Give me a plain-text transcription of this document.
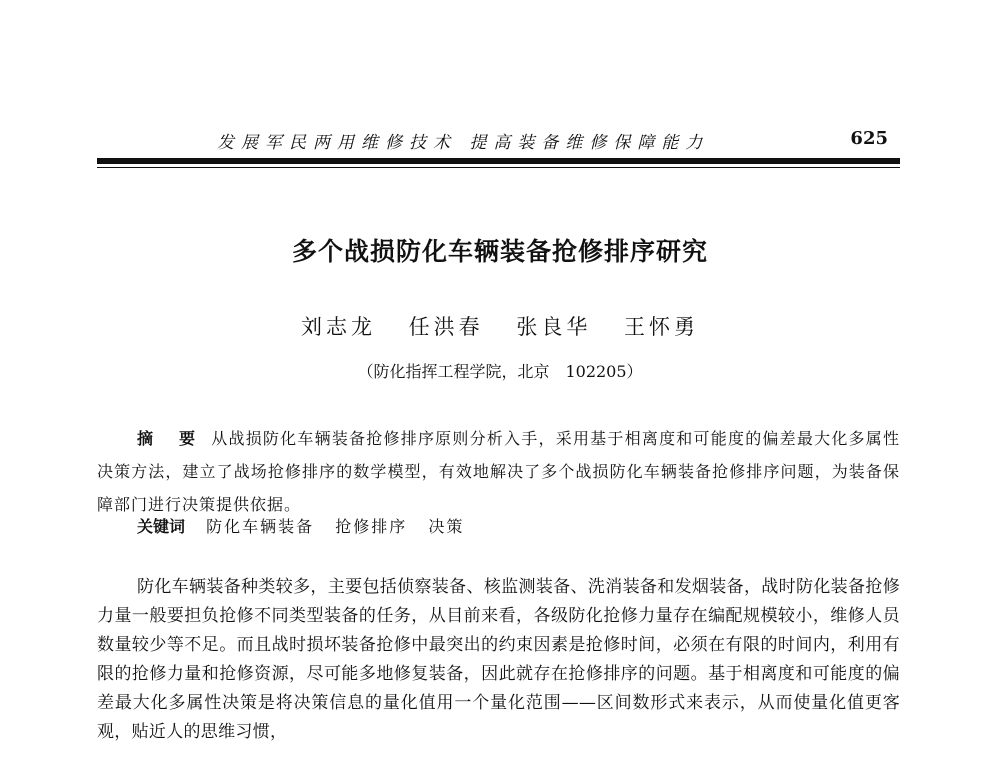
发展军民两用维修技术 提高装备维修保障能力	625
多个战损防化车辆装备抢修排序研究
刘志龙 任洪春 张良华 王怀勇
（防化指挥工程学院，北京　102205）
摘 要 从战损防化车辆装备抢修排序原则分析入手，采用基于相离度和可能度的偏差最大化多属性决策方法，建立了战场抢修排序的数学模型，有效地解决了多个战损防化车辆装备抢修排序问题，为装备保障部门进行决策提供依据。
关键词 防化车辆装备 抢修排序 决策
防化车辆装备种类较多，主要包括侦察装备、核监测装备、洗消装备和发烟装备，战时防化装备抢修力量一般要担负抢修不同类型装备的任务，从目前来看，各级防化抢修力量存在编配规模较小，维修人员数量较少等不足。而且战时损坏装备抢修中最突出的约束因素是抢修时间，必须在有限的时间内，利用有限的抢修力量和抢修资源，尽可能多地修复装备，因此就存在抢修排序的问题。基于相离度和可能度的偏差最大化多属性决策是将决策信息的量化值用一个量化范围——区间数形式来表示，从而使量化值更客观，贴近人的思维习惯，
